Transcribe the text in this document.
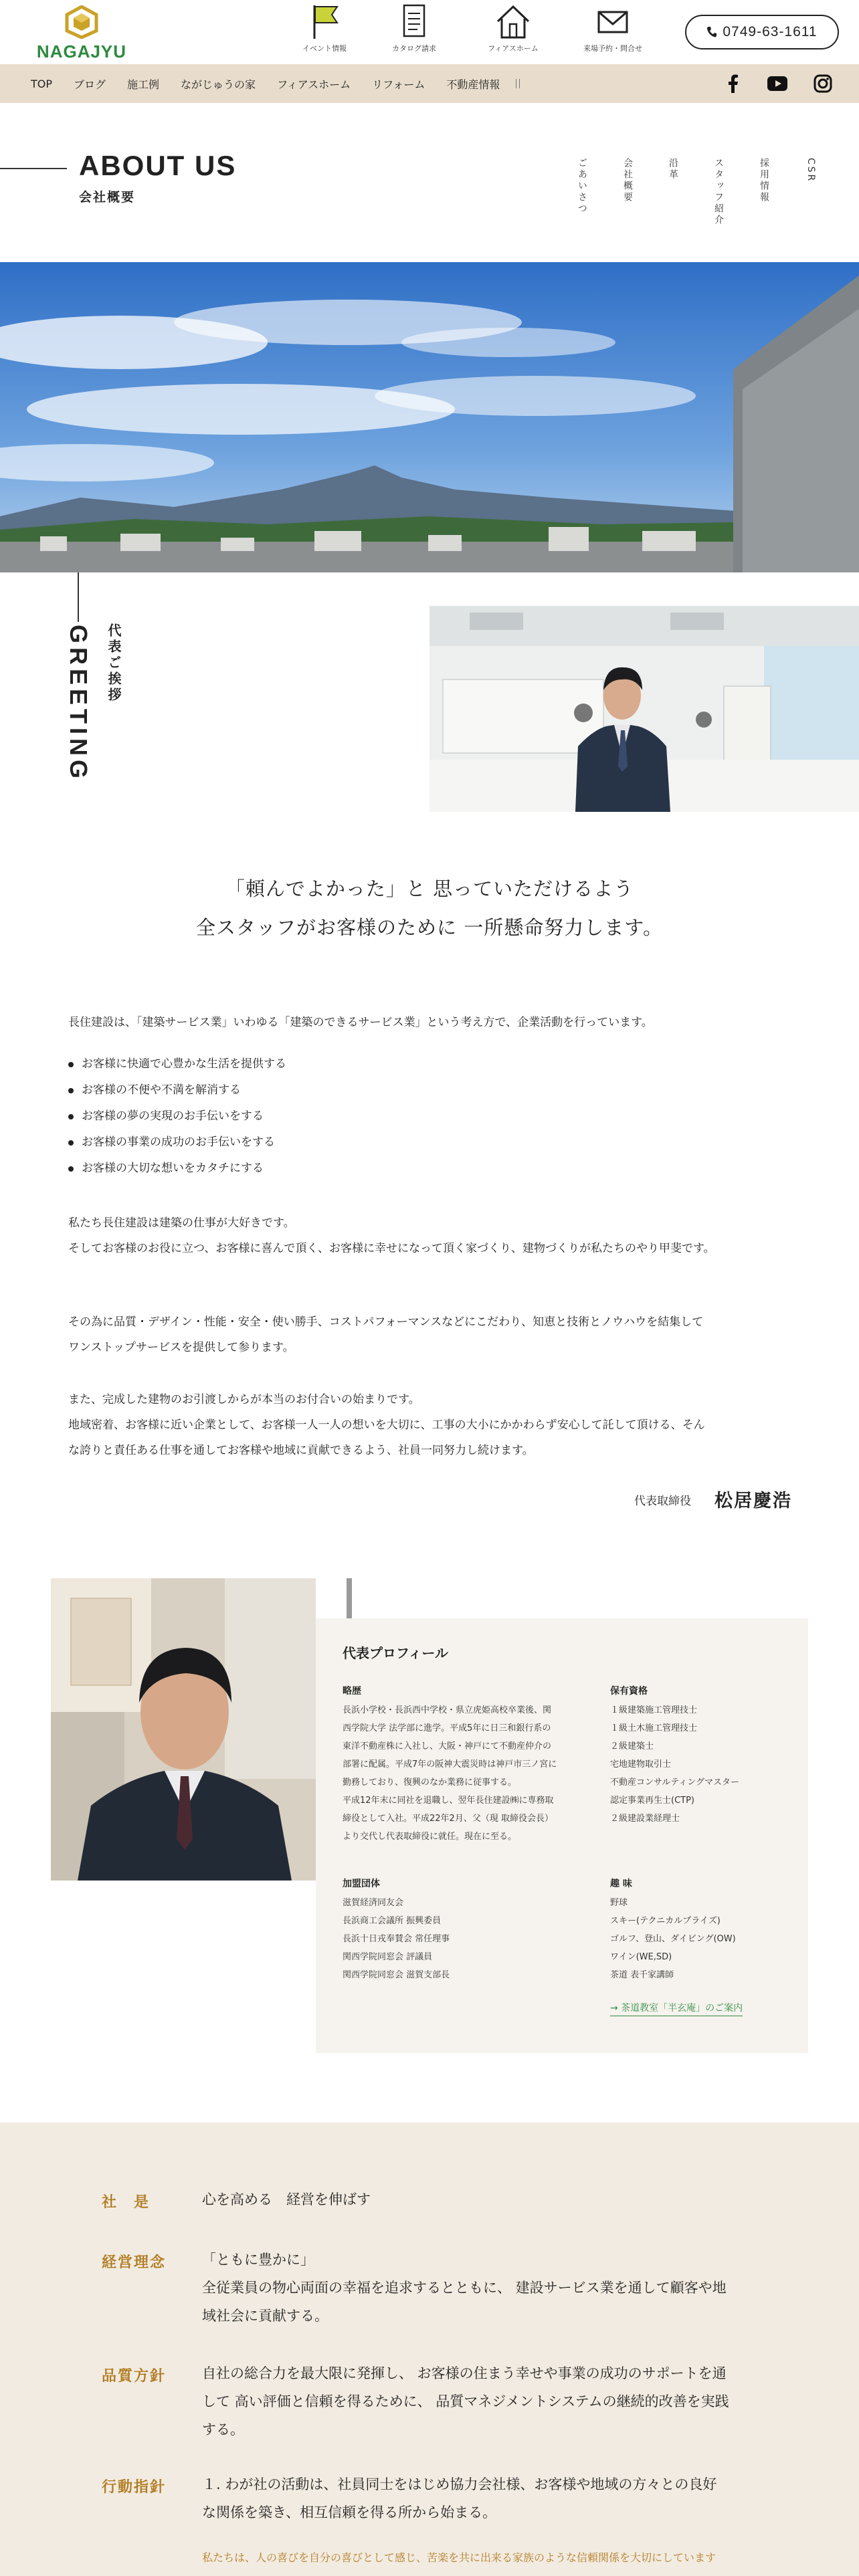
NAGAJYU	イベント情報	カタログ請求	フィアスホーム	来場予約・問合せ
0749-63-1611
TOP ブログ 施工例 ながじゅうの家 フィアスホーム リフォーム 不動産情報
ABOUT US
会社概要	ごあいさつ	会社概要	沿革	スタッフ紹介	採用情報	CSR
GREETING 代表ご挨拶
「頼んでよかった」と 思っていただけるよう
全スタッフがお客様のために 一所懸命努力します。

長住建設は、「建築サービス業」いわゆる「建築のできるサービス業」という考え方で、企業活動を行っています。

お客様に快適で心豊かな生活を提供する
お客様の不便や不満を解消する
お客様の夢の実現のお手伝いをする
お客様の事業の成功のお手伝いをする
お客様の大切な想いをカタチにする
私たち長住建設は建築の仕事が大好きです。
そしてお客様のお役に立つ、お客様に喜んで頂く、お客様に幸せになって頂く家づくり、建物づくりが私たちのやり甲斐です。
その為に品質・デザイン・性能・安全・使い勝手、コストパフォーマンスなどにこだわり、知恵と技術とノウハウを結集して
ワンストップサービスを提供して参ります。
また、完成した建物のお引渡しからが本当のお付合いの始まりです。
地域密着、お客様に近い企業として、お客様一人一人の想いを大切に、工事の大小にかかわらず安心して託して頂ける、そん
な誇りと責任ある仕事を通してお客様や地域に貢献できるよう、社員一同努力し続けます。
代表取締役 松居慶浩
代表プロフィール
略歴
長浜小学校・長浜西中学校・県立虎姫高校卒業後、関
西学院大学 法学部に進学。平成5年に日三和銀行系の
東洋不動産株に入社し、大阪・神戸にて不動産仲介の
部署に配属。平成7年の阪神大震災時は神戸市三ノ宮に
勤務しており、復興のなか業務に従事する。
平成12年末に同社を退職し、翌年長住建設㈱に専務取
締役として入社。平成22年2月、父（現 取締役会長）
より交代し代表取締役に就任。現在に至る。
保有資格
１級建築施工管理技士
１級土木施工管理技士
２級建築士
宅地建物取引士
不動産コンサルティングマスター
認定事業再生士(CTP)
２級建設業経理士
加盟団体
滋賀経済同友会
長浜商工会議所 振興委員
長浜十日戎奉賛会 常任理事
関西学院同窓会 評議員
関西学院同窓会 滋賀支部長
趣 味
野球
スキー(テクニカルプライズ)
ゴルフ、登山、ダイビング(OW)
ワイン(WE,SD)
茶道 表千家講師
→ 茶道教室「半玄庵」のご案内
社　是	心を高める　経営を伸ばす
経営理念	「ともに豊かに」
全従業員の物心両面の幸福を追求するとともに、 建設サービス業を通して顧客や地域社会に貢献する。
品質方針	自社の総合力を最大限に発揮し、 お客様の住まう幸せや事業の成功のサポートを通して 高い評価と信頼を得るために、 品質マネジメントシステムの継続的改善を実践する。
行動指針	１. わが社の活動は、社員同士をはじめ協力会社様、お客様や地域の方々との良好な関係を築き、相互信頼を得る所から始まる。
私たちは、人の喜びを自分の喜びとして感じ、苦楽を共に出来る家族のような信頼関係を大切にしています
